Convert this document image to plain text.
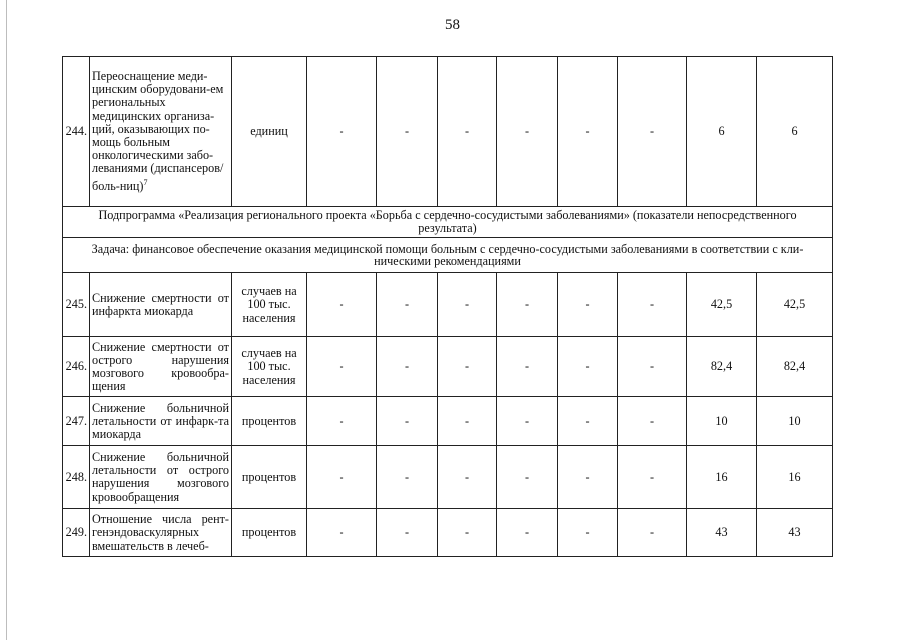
58
244.	Переоснащение меди-цинским оборудовани-ем региональных медицинских организа-ций, оказывающих по-мощь больным онкологическими забо-леваниями (диспансеров/ боль-ниц)$^7$	единиц	-	-	-	-	-	-	6	6
Подпрограмма «Реализация регионального проекта «Борьба с сердечно-сосудистыми заболеваниями» (показатели непосредственного результата)										
Задача: финансовое обеспечение оказания медицинской помощи больным с сердечно-сосудистыми заболеваниями в соответствии с кли-ническими рекомендациями										
245.	Снижение смертности от инфаркта миокарда	случаев на 100 тыс. населения	-	-	-	-	-	-	42,5	42,5
246.	Снижение смертности от острого нарушения мозгового кровообра-щения	случаев на 100 тыс. населения	-	-	-	-	-	-	82,4	82,4
247.	Снижение больничной летальности от инфарк-та миокарда	процентов	-	-	-	-	-	-	10	10
248.	Снижение больничной летальности от острого нарушения мозгового кровообращения	процентов	-	-	-	-	-	-	16	16
249.	Отношение числа рент-генэндоваскулярных вмешательств в лечеб-	процентов	-	-	-	-	-	-	43	43
